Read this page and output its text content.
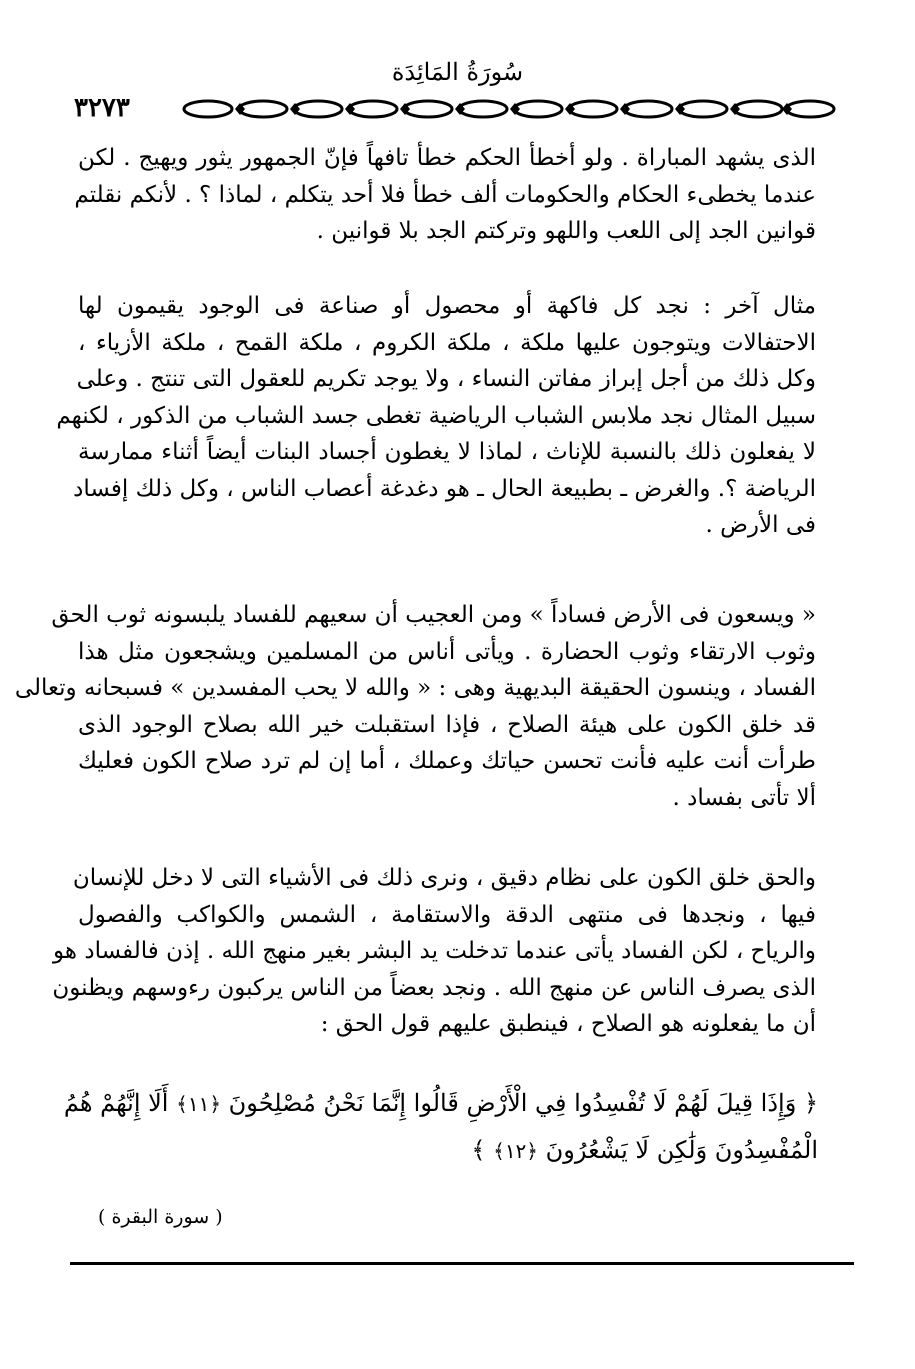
سُورَةُ المَائِدَة
٣٢٧٣
الذى يشهد المباراة . ولو أخطأ الحكم خطأ تافهاً فإنّ الجمهور يثور ويهيج . لكن
عندما يخطىء الحكام والحكومات ألف خطأ فلا أحد يتكلم ، لماذا ؟ . لأنكم نقلتم
قوانين الجد إلى اللعب واللهو وتركتم الجد بلا قوانين .
مثال آخر : نجد كل فاكهة أو محصول أو صناعة فى الوجود يقيمون لها
الاحتفالات ويتوجون عليها ملكة ، ملكة الكروم ، ملكة القمح ، ملكة الأزياء ،
وكل ذلك من أجل إبراز مفاتن النساء ، ولا يوجد تكريم للعقول التى تنتج . وعلى
سبيل المثال نجد ملابس الشباب الرياضية تغطى جسد الشباب من الذكور ، لكنهم
لا يفعلون ذلك بالنسبة للإناث ، لماذا لا يغطون أجساد البنات أيضاً أثناء ممارسة
الرياضة ؟. والغرض ـ بطبيعة الحال ـ هو دغدغة أعصاب الناس ، وكل ذلك إفساد
فى الأرض .
« ويسعون فى الأرض فساداً » ومن العجيب أن سعيهم للفساد يلبسونه ثوب الحق
وثوب الارتقاء وثوب الحضارة . ويأتى أناس من المسلمين ويشجعون مثل هذا
الفساد ، وينسون الحقيقة البديهية وهى : « والله لا يحب المفسدين » فسبحانه وتعالى
قد خلق الكون على هيئة الصلاح ، فإذا استقبلت خير الله بصلاح الوجود الذى
طرأت أنت عليه فأنت تحسن حياتك وعملك ، أما إن لم ترد صلاح الكون فعليك
ألا تأتى بفساد .
والحق خلق الكون على نظام دقيق ، ونرى ذلك فى الأشياء التى لا دخل للإنسان
فيها ، ونجدها فى منتهى الدقة والاستقامة ، الشمس والكواكب والفصول
والرياح ، لكن الفساد يأتى عندما تدخلت يد البشر بغير منهج الله . إذن فالفساد هو
الذى يصرف الناس عن منهج الله . ونجد بعضاً من الناس يركبون رءوسهم ويظنون
أن ما يفعلونه هو الصلاح ، فينطبق عليهم قول الحق :
﴿ وَإِذَا قِيلَ لَهُمْ لَا تُفْسِدُوا فِي الْأَرْضِ قَالُوا إِنَّمَا نَحْنُ مُصْلِحُونَ ﴿١١﴾ أَلَا إِنَّهُمْ هُمُ
الْمُفْسِدُونَ وَلَٰكِن لَا يَشْعُرُونَ ﴿١٢﴾ ﴾
( سورة البقرة )
